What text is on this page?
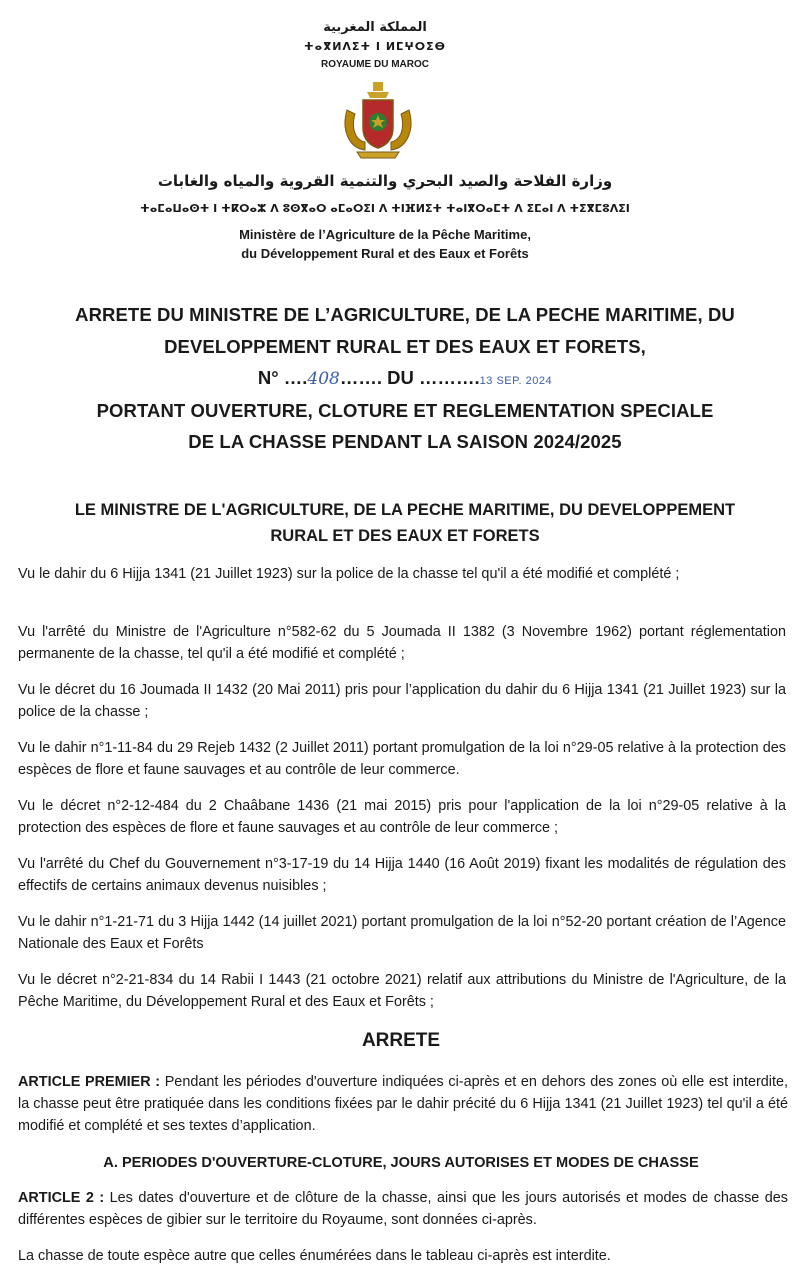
المملكة المغربية
ⵜⴰⴳⵍⴷⵉⵜ ⵏ ⵍⵎⵖⵔⵉⴱ
ROYAUME DU MAROC
وزارة الفلاحة والصيد البحري والتنمية القروية والمياه والغابات
ⵜⴰⵎⴰⵡⴰⵙⵜ ⵏ ⵜⴽⵔⴰⵣ ⴷ ⵓⵙⴳⴰⵔ ⴰⵎⴰⵔⵉⵏ ⴷ ⵜⵏⴼⵍⵉⵜ ⵜⴰⵏⴳⵔⴰⵎⵜ ⴷ ⵉⵎⴰⵏ ⴷ ⵜⵉⴳⵎⵓⴷⵉⵏ
Ministère de l’Agriculture de la Pêche Maritime,
du Développement Rural et des Eaux et Forêts
ARRETE DU MINISTRE DE L’AGRICULTURE, DE LA PECHE MARITIME, DU
DEVELOPPEMENT RURAL ET DES EAUX ET FORETS,
N° ….408……. DU ……….13 SEP. 2024
PORTANT OUVERTURE, CLOTURE ET REGLEMENTATION SPECIALE
DE LA CHASSE PENDANT LA SAISON 2024/2025
LE MINISTRE DE L'AGRICULTURE, DE LA PECHE MARITIME, DU DEVELOPPEMENT
RURAL ET DES EAUX ET FORETS

Vu le dahir du 6 Hijja 1341 (21 Juillet 1923) sur la police de la chasse tel qu'il a été modifié et complété ;

Vu l'arrêté du Ministre de l'Agriculture n°582-62 du 5 Joumada II 1382 (3 Novembre 1962) portant réglementation permanente de la chasse, tel qu'il a été modifié et complété ;

Vu le décret du 16 Joumada II 1432 (20 Mai 2011) pris pour l’application du dahir du 6 Hijja 1341 (21 Juillet 1923) sur la police de la chasse ;

Vu le dahir n°1-11-84 du 29 Rejeb 1432 (2 Juillet 2011) portant promulgation de la loi n°29-05 relative à la protection des espèces de flore et faune sauvages et au contrôle de leur commerce.

Vu le décret n°2-12-484 du 2 Chaâbane 1436 (21 mai 2015) pris pour l'application de la loi n°29-05 relative à la protection des espèces de flore et faune sauvages et au contrôle de leur commerce ;

Vu l'arrêté du Chef du Gouvernement n°3-17-19 du 14 Hijja 1440 (16 Août 2019) fixant les modalités de régulation des effectifs de certains animaux devenus nuisibles ;

Vu le dahir n°1-21-71 du 3 Hijja 1442 (14 juillet 2021) portant promulgation de la loi n°52-20 portant création de l’Agence Nationale des Eaux et Forêts

Vu le décret n°2-21-834 du 14 Rabii I 1443 (21 octobre 2021) relatif aux attributions du Ministre de l'Agriculture, de la Pêche Maritime, du Développement Rural et des Eaux et Forêts ;

ARRETE

ARTICLE PREMIER : Pendant les périodes d'ouverture indiquées ci-après et en dehors des zones où elle est interdite, la chasse peut être pratiquée dans les conditions fixées par le dahir précité du 6 Hijja 1341 (21 Juillet 1923) tel qu'il a été modifié et complété et ses textes d’application.

A. PERIODES D'OUVERTURE-CLOTURE, JOURS AUTORISES ET MODES DE CHASSE

ARTICLE 2 : Les dates d'ouverture et de clôture de la chasse, ainsi que les jours autorisés et modes de chasse des différentes espèces de gibier sur le territoire du Royaume, sont données ci-après.

La chasse de toute espèce autre que celles énumérées dans le tableau ci-après est interdite.
